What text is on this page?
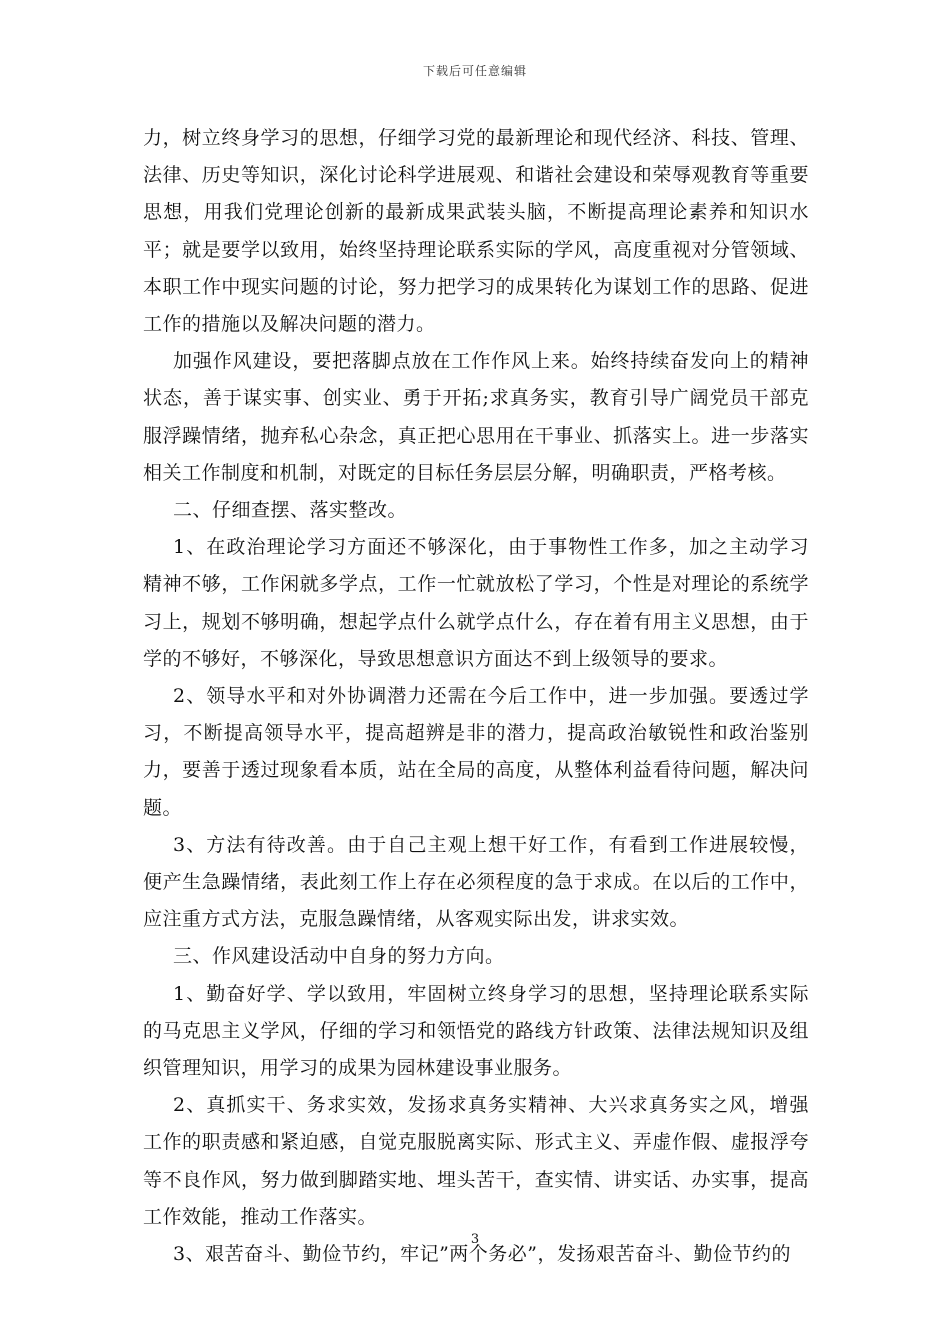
下载后可任意编辑

力，树立终身学习的思想，仔细学习党的最新理论和现代经济、科技、管理、法律、历史等知识，深化讨论科学进展观、和谐社会建设和荣辱观教育等重要思想，用我们党理论创新的最新成果武装头脑，不断提高理论素养和知识水平；就是要学以致用，始终坚持理论联系实际的学风，高度重视对分管领域、本职工作中现实问题的讨论，努力把学习的成果转化为谋划工作的思路、促进工作的措施以及解决问题的潜力。

加强作风建设，要把落脚点放在工作作风上来。始终持续奋发向上的精神状态，善于谋实事、创实业、勇于开拓;求真务实，教育引导广阔党员干部克服浮躁情绪，抛弃私心杂念，真正把心思用在干事业、抓落实上。进一步落实相关工作制度和机制，对既定的目标任务层层分解，明确职责，严格考核。

二、仔细查摆、落实整改。

1、在政治理论学习方面还不够深化，由于事物性工作多，加之主动学习精神不够，工作闲就多学点，工作一忙就放松了学习，个性是对理论的系统学习上，规划不够明确，想起学点什么就学点什么，存在着有用主义思想，由于学的不够好，不够深化，导致思想意识方面达不到上级领导的要求。

2、领导水平和对外协调潜力还需在今后工作中，进一步加强。要透过学习，不断提高领导水平，提高超辨是非的潜力，提高政治敏锐性和政治鉴别力，要善于透过现象看本质，站在全局的高度，从整体利益看待问题，解决问题。

3、方法有待改善。由于自己主观上想干好工作，有看到工作进展较慢，便产生急躁情绪，表此刻工作上存在必须程度的急于求成。在以后的工作中，应注重方式方法，克服急躁情绪，从客观实际出发，讲求实效。

三、作风建设活动中自身的努力方向。

1、勤奋好学、学以致用，牢固树立终身学习的思想，坚持理论联系实际的马克思主义学风，仔细的学习和领悟党的路线方针政策、法律法规知识及组织管理知识，用学习的成果为园林建设事业服务。

2、真抓实干、务求实效，发扬求真务实精神、大兴求真务实之风，增强工作的职责感和紧迫感，自觉克服脱离实际、形式主义、弄虚作假、虚报浮夸等不良作风，努力做到脚踏实地、埋头苦干，查实情、讲实话、办实事，提高工作效能，推动工作落实。

3、艰苦奋斗、勤俭节约，牢记”两个务必”，发扬艰苦奋斗、勤俭节约的

3
